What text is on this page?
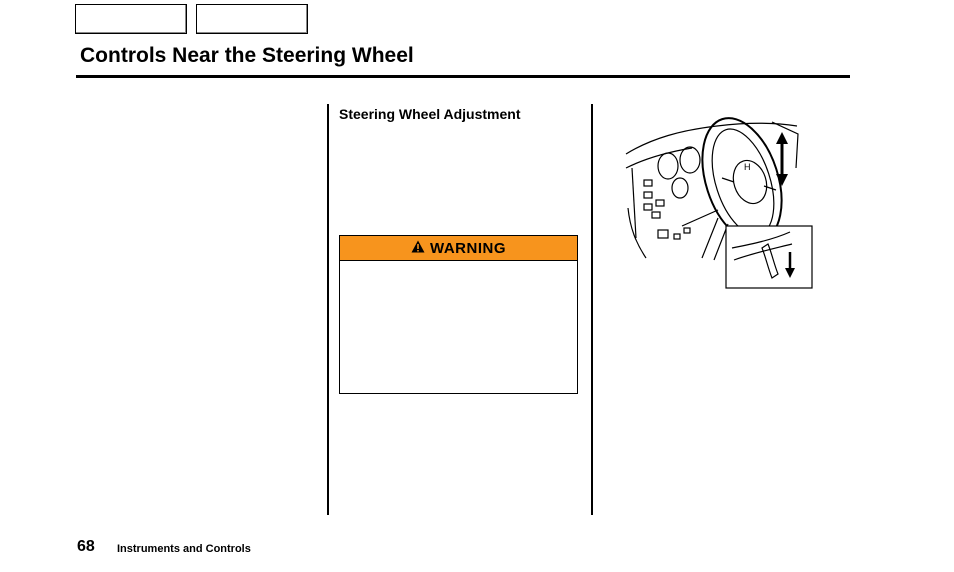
Controls Near the Steering Wheel
Steering Wheel Adjustment
WARNING
H
68 Instruments and Controls
